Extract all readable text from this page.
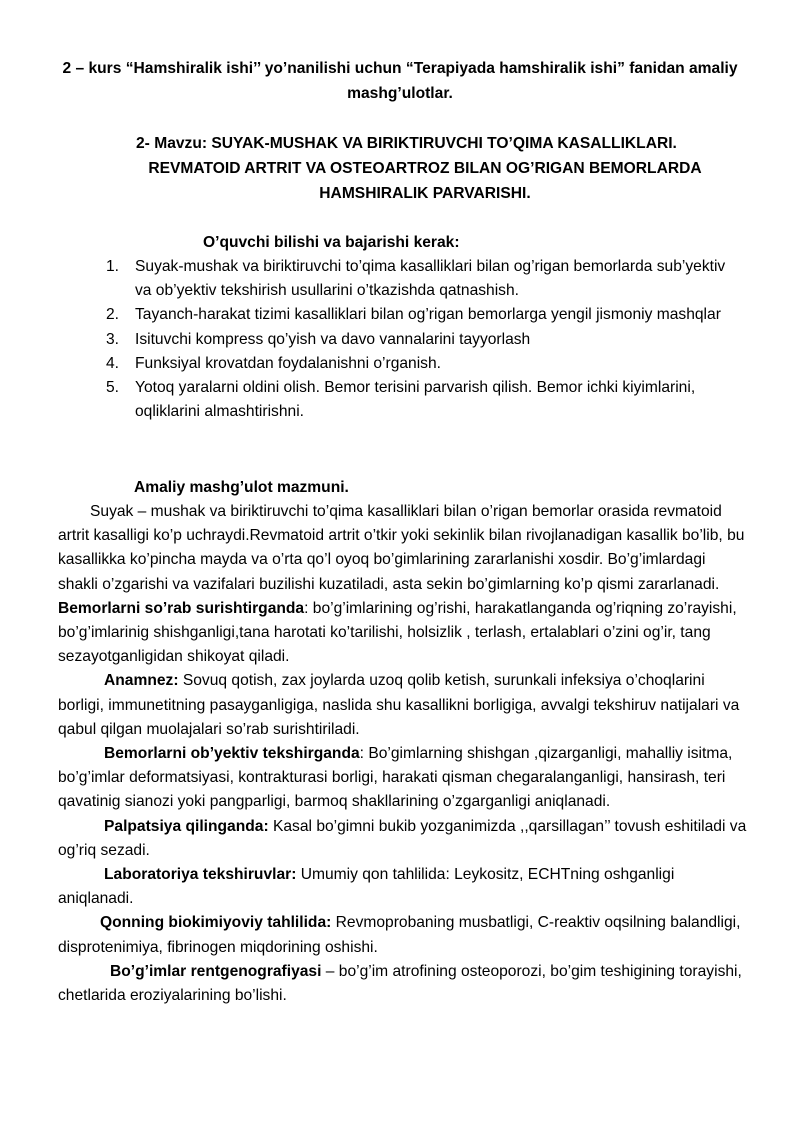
2 – kurs “Hamshiralik ishi’’ yo’nanilishi uchun “Terapiyada hamshiralik ishi” fanidan amaliy mashg’ulotlar.
2- Mavzu: SUYAK-MUSHAK VA BIRIKTIRUVCHI TO’QIMA KASALLIKLARI.
REVMATOID ARTRIT VA OSTEOARTROZ BILAN OG’RIGAN BEMORLARDA
HAMSHIRALIK PARVARISHI.
O’quvchi bilishi va bajarishi kerak:
1. Suyak-mushak va biriktiruvchi to’qima kasalliklari bilan og’rigan bemorlarda sub’yektiv va ob’yektiv tekshirish usullarini o’tkazishda qatnashish.
2. Tayanch-harakat tizimi kasalliklari bilan og’rigan bemorlarga yengil jismoniy mashqlar
3. Isituvchi kompress qo’yish va davo vannalarini tayyorlash
4. Funksiyal krovatdan foydalanishni o’rganish.
5. Yotoq yaralarni oldini olish. Bemor terisini parvarish qilish. Bemor ichki kiyimlarini, oqliklarini almashtirishni.
Amaliy mashg’ulot mazmuni.

Suyak – mushak va biriktiruvchi to’qima kasalliklari bilan o’rigan bemorlar orasida revmatoid artrit kasalligi ko’p uchraydi.Revmatoid artrit o’tkir yoki sekinlik bilan rivojlanadigan kasallik bo’lib, bu kasallikka ko’pincha mayda va o’rta qo’l oyoq bo’gimlarining zararlanishi xosdir. Bo’g’imlardagi shakli o’zgarishi va vazifalari buzilishi kuzatiladi, asta sekin bo’gimlarning ko’p qismi zararlanadi.

Bemorlarni so’rab surishtirganda: bo’g’imlarining og’rishi, harakatlanganda og’riqning zo’rayishi, bo’g’imlarinig shishganligi,tana harotati ko’tarilishi, holsizlik , terlash, ertalablari o’zini og’ir, tang sezayotganligidan shikoyat qiladi.

Anamnez: Sovuq qotish, zax joylarda uzoq qolib ketish, surunkali infeksiya o’choqlarini borligi, immunetitning pasayganligiga, naslida shu kasallikni borligiga, avvalgi tekshiruv natijalari va qabul qilgan muolajalari so’rab surishtiriladi.

Bemorlarni ob’yektiv tekshirganda: Bo’gimlarning shishgan ,qizarganligi, mahalliy isitma, bo’g’imlar deformatsiyasi, kontrakturasi borligi, harakati qisman chegaralanganligi, hansirash, teri qavatinig sianozi yoki pangparligi, barmoq shakllarining o’zgarganligi aniqlanadi.

Palpatsiya qilinganda: Kasal bo’gimni bukib yozganimizda ,,qarsillagan’’ tovush eshitiladi va og’riq sezadi.

Laboratoriya tekshiruvlar: Umumiy qon tahlilida: Leykositz, ECHTning oshganligi aniqlanadi.

Qonning biokimiyoviy tahlilida: Revmoprobaning musbatligi, C-reaktiv oqsilning balandligi, disprotenimiya, fibrinogen miqdorining oshishi.

Bo’g’imlar rentgenografiyasi – bo’g’im atrofining osteoporozi, bo’gim teshigining torayishi, chetlarida eroziyalarining bo’lishi.
